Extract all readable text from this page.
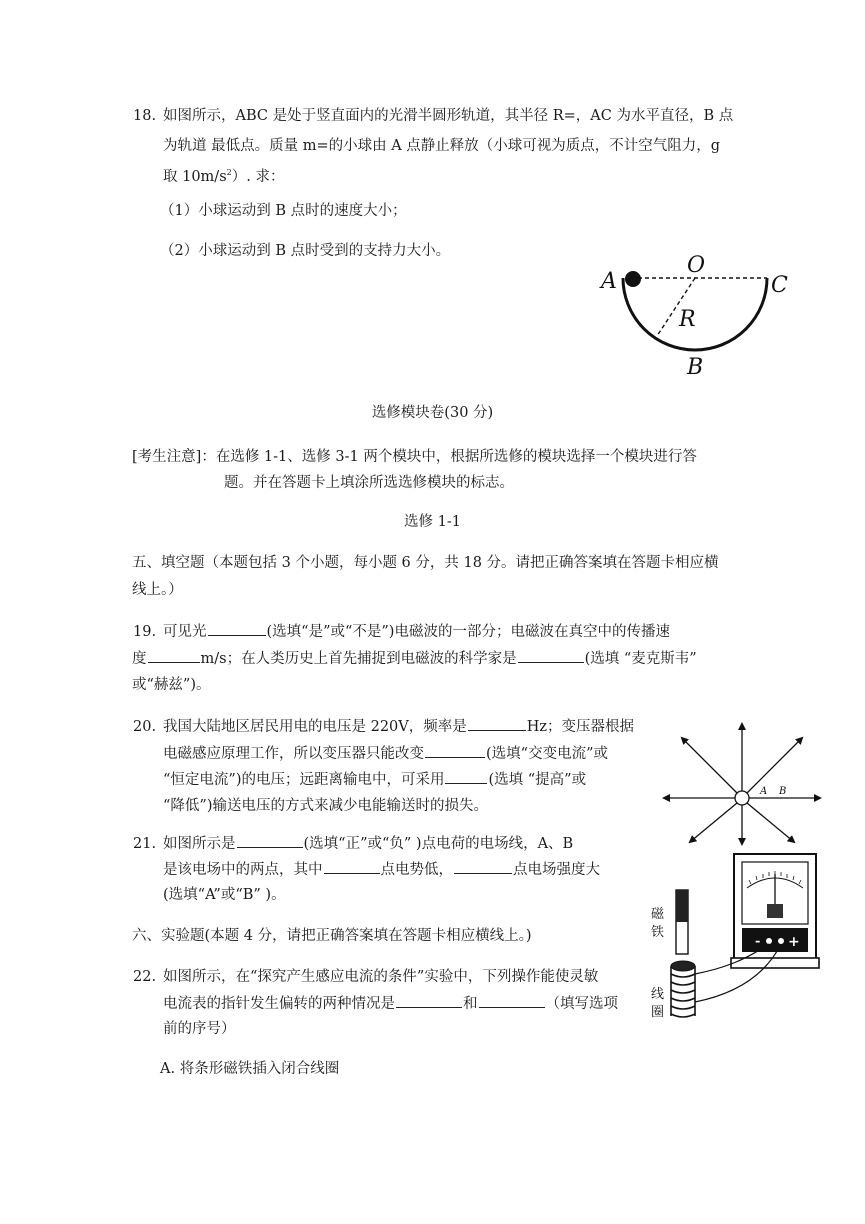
18. 如图所示，ABC 是处于竖直面内的光滑半圆形轨道，其半径 R=，AC 为水平直径，B 点
为轨道 最低点。质量 m=的小球由 A 点静止释放（小球可视为质点，不计空气阻力，g
取 $10m/s^2$）. 求：
（1）小球运动到 B 点时的速度大小；
（2）小球运动到 B 点时受到的支持力大小。
A
O
C
R
B
选修模块卷(30 分)
[考生注意]：在选修 1-1、选修 3-1 两个模块中，根据所选修的模块选择一个模块进行答
题。并在答题卡上填涂所选选修模块的标志。
选修 1-1
五、填空题（本题包括 3 个小题，每小题 6 分，共 18 分。请把正确答案填在答题卡相应横
线上。）
19. 可见光	(选填“是”或“不是”)电磁波的一部分；电磁波在真空中的传播速
度	m/s；在人类历史上首先捕捉到电磁波的科学家是	(选填 “麦克斯韦”
或“赫兹”)。
20. 我国大陆地区居民用电的电压是 220V，频率是	Hz；变压器根据
电磁感应原理工作，所以变压器只能改变	(选填“交变电流”或
“恒定电流”)的电压；远距离输电中，可采用	(选填 “提高”或
“降低”)输送电压的方式来减少电能输送时的损失。
A B
21. 如图所示是	(选填“正”或“负” )点电荷的电场线，A、B
是该电场中的两点，其中	点电势低，	点电场强度大
(选填“A”或“B” )。
六、实验题(本题 4 分，请把正确答案填在答题卡相应横线上。)
22. 如图所示，在“探究产生感应电流的条件”实验中，下列操作能使灵敏
电流表的指针发生偏转的两种情况是	和	（填写选项
前的序号）
A. 将条形磁铁插入闭合线圈
- +
磁
铁
线
圈
